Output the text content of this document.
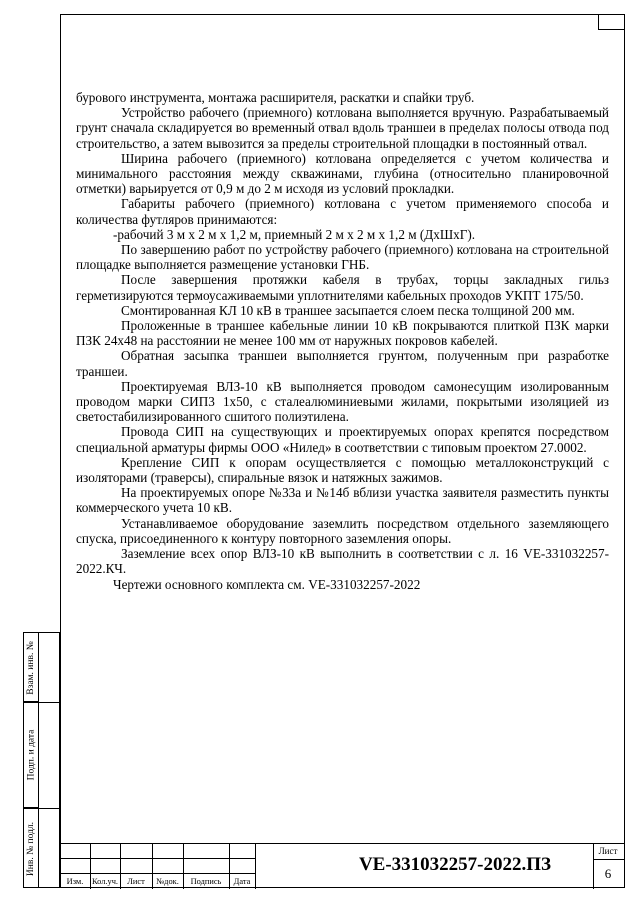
бурового инструмента, монтажа расширителя, раскатки и спайки труб.

Устройство рабочего (приемного) котлована выполняется вручную. Разрабатываемый грунт сначала складируется во временный отвал вдоль траншеи в пределах полосы отвода под строительство, а затем вывозится за пределы строительной площадки в постоянный отвал.

Ширина рабочего (приемного) котлована определяется с учетом количества и минимального расстояния между скважинами, глубина (относительно планировочной отметки) варьируется от 0,9 м до 2 м исходя из условий прокладки.

Габариты рабочего (приемного) котлована с учетом применяемого способа и количества футляров принимаются:

-рабочий 3 м х 2 м х 1,2 м, приемный 2 м х 2 м х 1,2 м (ДхШхГ).

По завершению работ по устройству рабочего (приемного) котлована на строительной площадке выполняется размещение установки ГНБ.

После завершения протяжки кабеля в трубах, торцы закладных гильз герметизируются термоусаживаемыми уплотнителями кабельных проходов УКПТ 175/50.

Смонтированная КЛ 10 кВ в траншее засыпается слоем песка толщиной 200 мм.

Проложенные в траншее кабельные линии 10 кВ покрываются плиткой ПЗК марки ПЗК 24х48 на расстоянии не менее 100 мм от наружных покровов кабелей.

Обратная засыпка траншеи выполняется грунтом, полученным при разработке траншеи.

Проектируемая ВЛЗ-10 кВ выполняется проводом самонесущим изолированным проводом марки СИП3 1х50, с сталеалюминиевыми жилами, покрытыми изоляцией из светостабилизированного сшитого полиэтилена.

Провода СИП на существующих и проектируемых опорах крепятся посредством специальной арматуры фирмы ООО «Нилед» в соответствии с типовым проектом 27.0002.

Крепление СИП к опорам осуществляется с помощью металлоконструкций с изоляторами (траверсы), спиральные вязок и натяжных зажимов.

На проектируемых опоре №33а и №14б вблизи участка заявителя разместить пункты коммерческого учета 10 кВ.

Устанавливаемое оборудование заземлить посредством отдельного заземляющего спуска, присоединенного к контуру повторного заземления опоры.

Заземление всех опор ВЛЗ-10 кВ выполнить в соответствии с л. 16 VE-331032257-2022.КЧ.

Чертежи основного комплекта см. VE-331032257-2022

Взам. инв. №
Подп. и дата
Инв. № подл.
Изм.	Кол.уч.	Лист	№док.	Подпись	Дата
VE-331032257-2022.ПЗ
Лист
6
